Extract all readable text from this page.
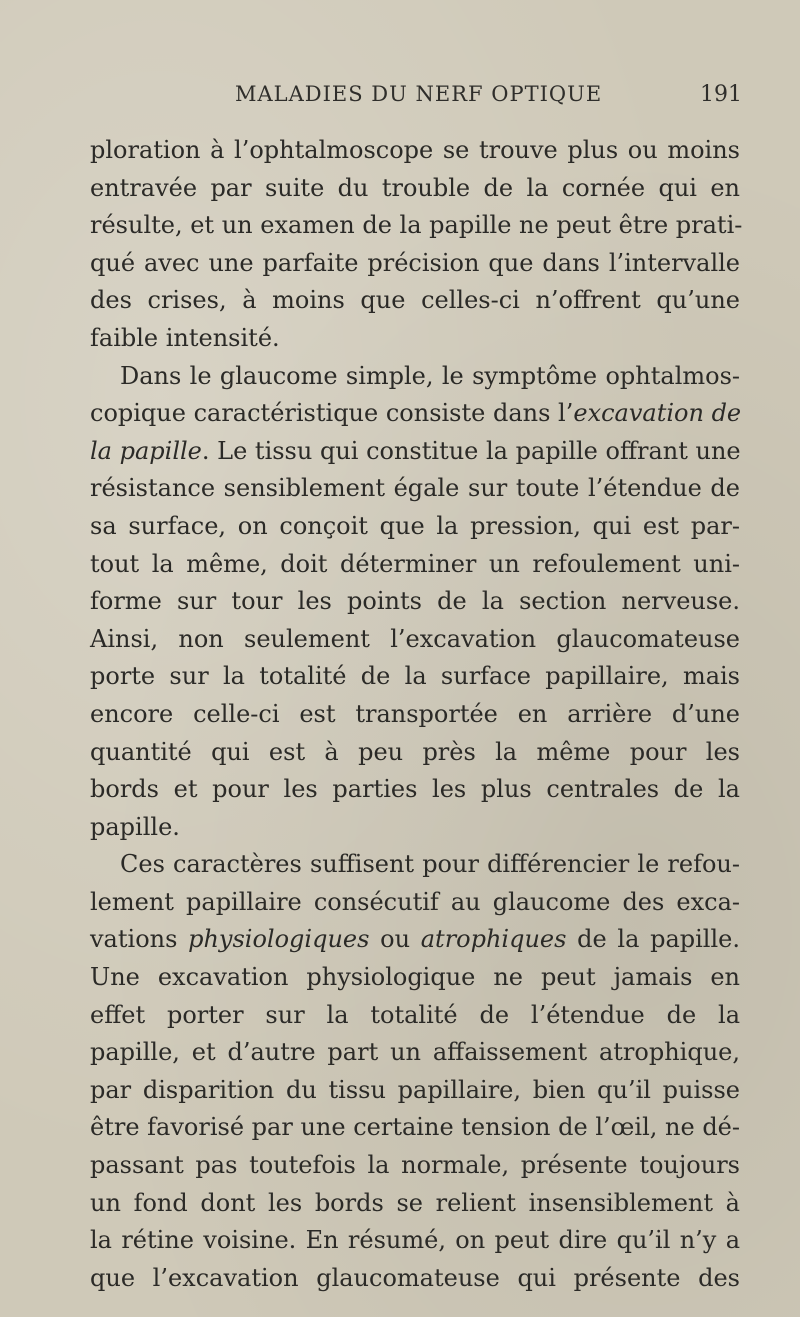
MALADIES DU NERF OPTIQUE	191
ploration à l’ophtalmoscope se trouve plus ou moins
entravée par suite du trouble de la cornée qui en
résulte, et un examen de la papille ne peut être prati-
qué avec une parfaite précision que dans l’intervalle
des crises, à moins que celles-ci n’offrent qu’une
faible intensité.
Dans le glaucome simple, le symptôme ophtalmos-
copique caractéristique consiste dans l’excavation de
la papille. Le tissu qui constitue la papille offrant une
résistance sensiblement égale sur toute l’étendue de
sa surface, on conçoit que la pression, qui est par-
tout la même, doit déterminer un refoulement uni-
forme sur tour les points de la section nerveuse.
Ainsi, non seulement l’excavation glaucomateuse
porte sur la totalité de la surface papillaire, mais
encore celle-ci est transportée en arrière d’une
quantité qui est à peu près la même pour les
bords et pour les parties les plus centrales de la
papille.
Ces caractères suffisent pour différencier le refou-
lement papillaire consécutif au glaucome des exca-
vations physiologiques ou atrophiques de la papille.
Une excavation physiologique ne peut jamais en
effet porter sur la totalité de l’étendue de la
papille, et d’autre part un affaissement atrophique,
par disparition du tissu papillaire, bien qu’il puisse
être favorisé par une certaine tension de l’œil, ne dé-
passant pas toutefois la normale, présente toujours
un fond dont les bords se relient insensiblement à
la rétine voisine. En résumé, on peut dire qu’il n’y a
que l’excavation glaucomateuse qui présente des
